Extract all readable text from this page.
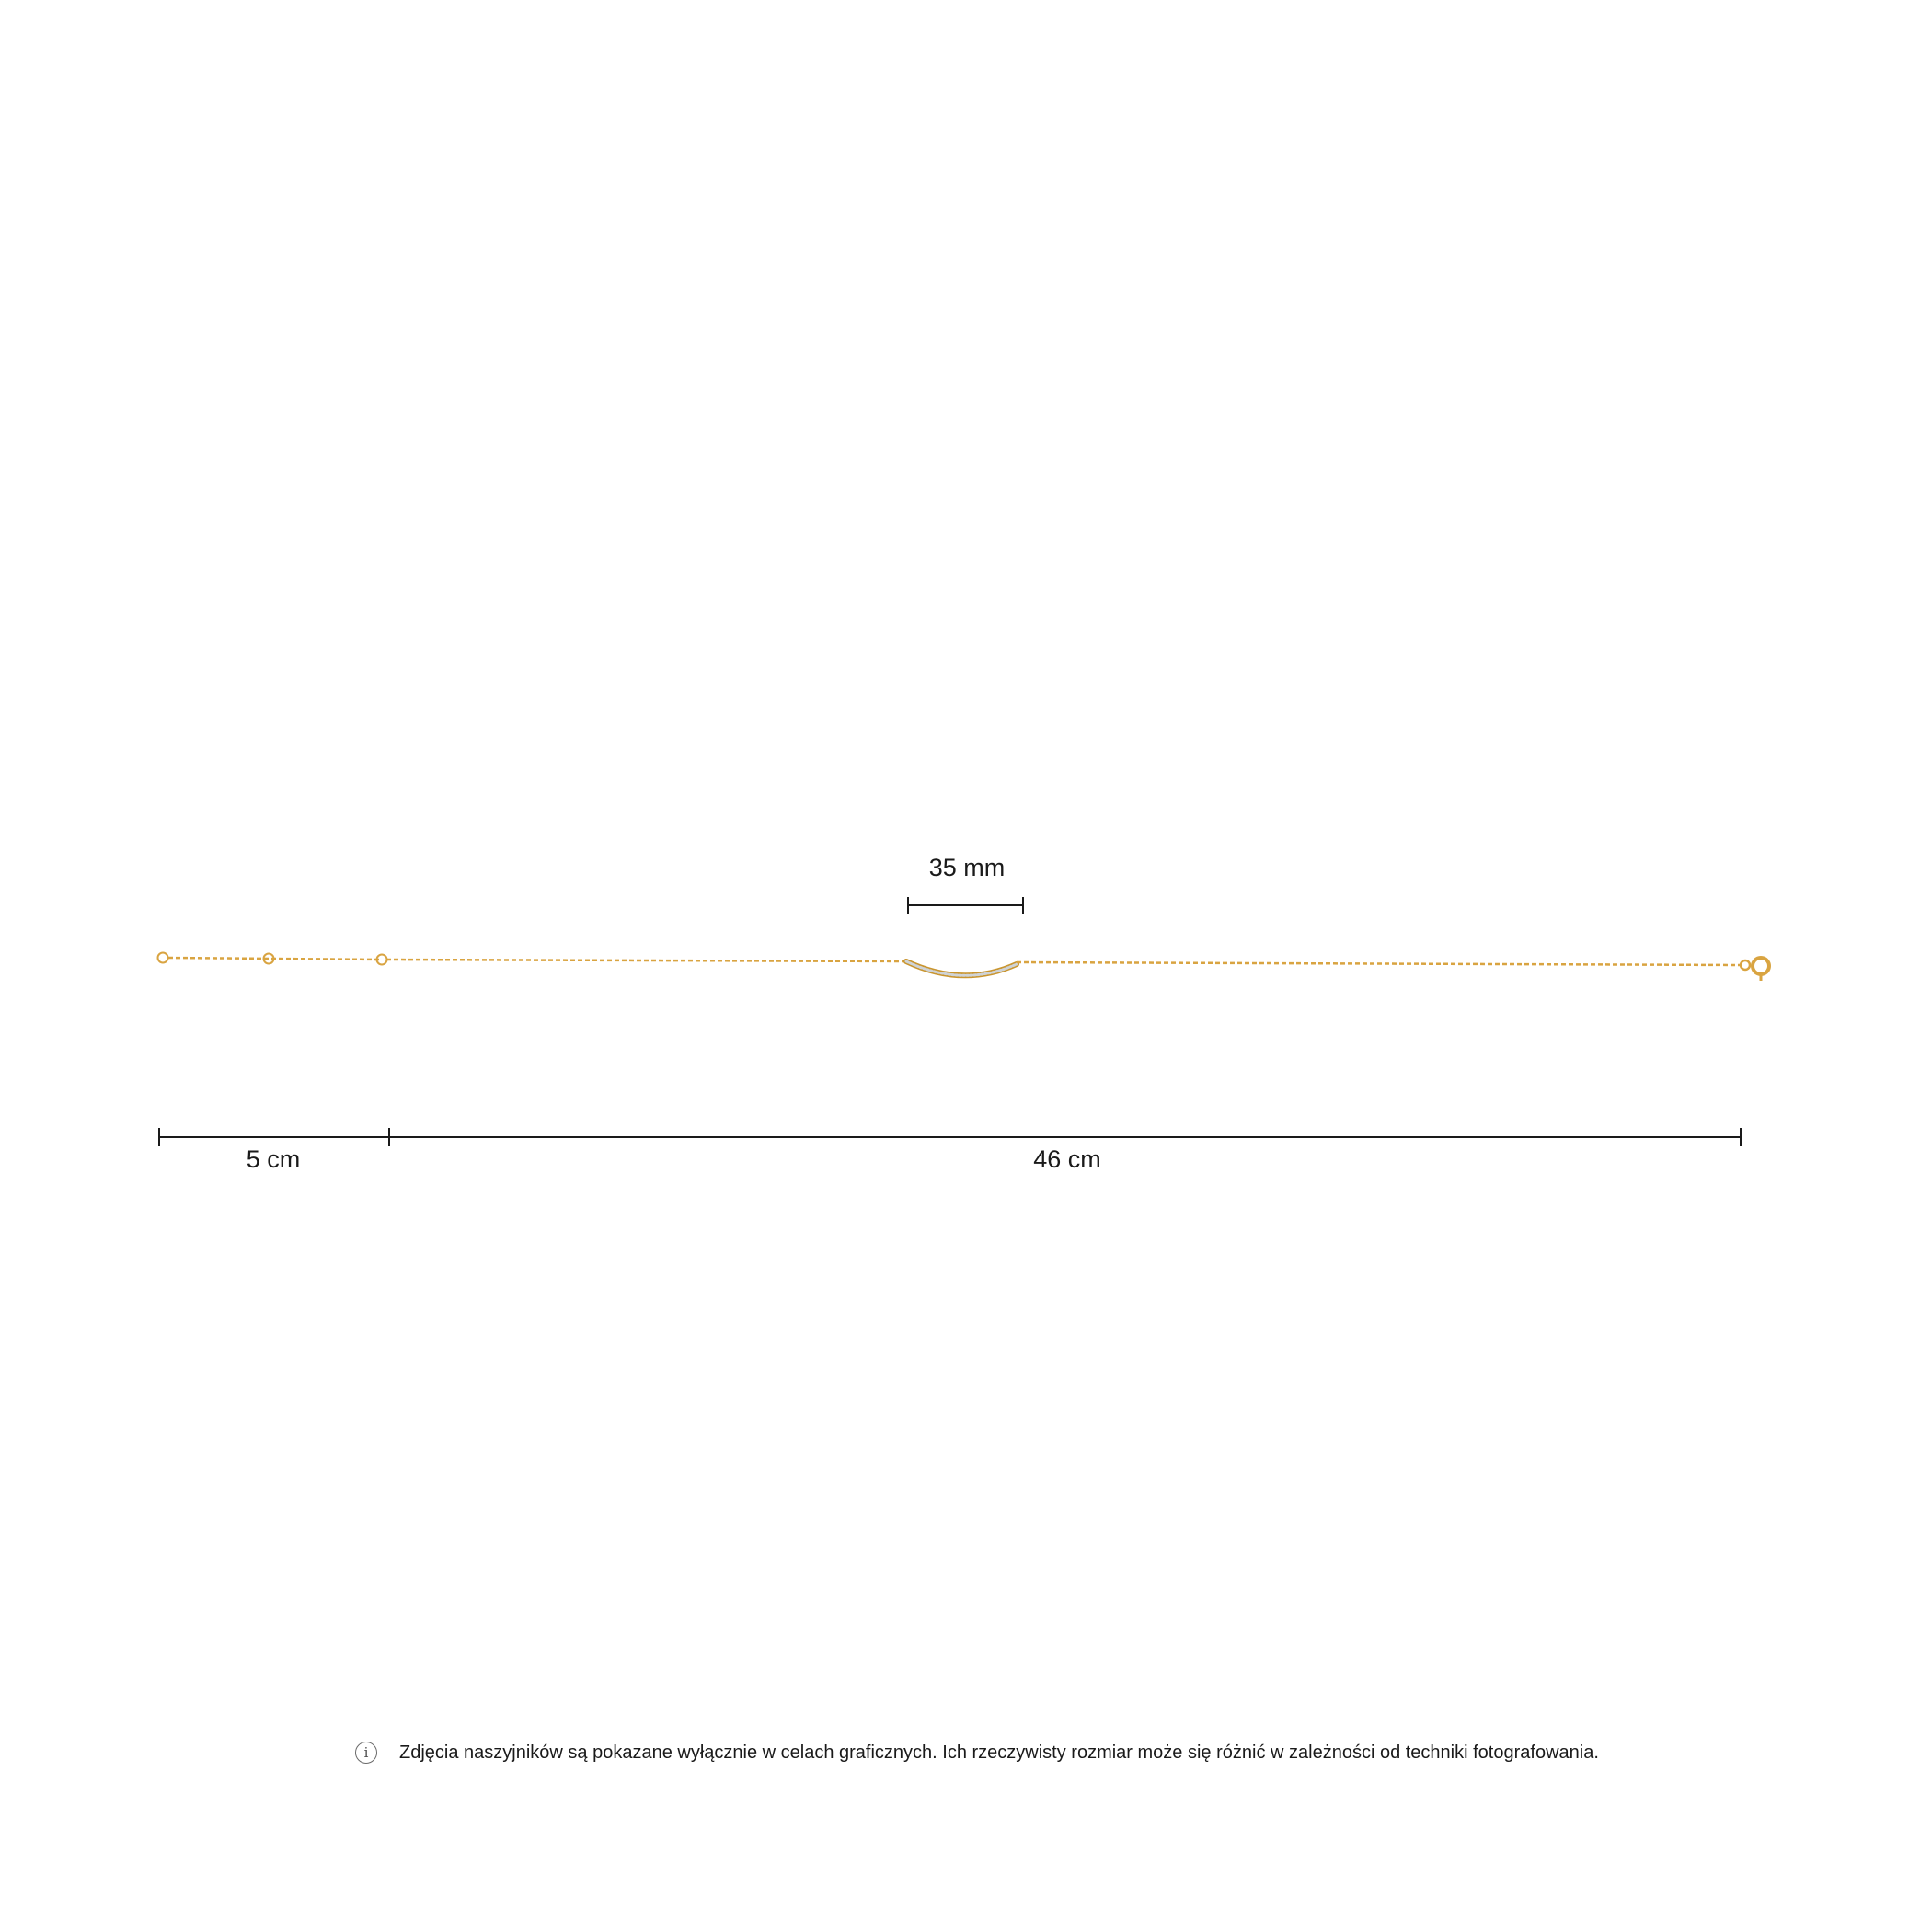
35 mm
5 cm	46 cm
i	Zdjęcia naszyjników są pokazane wyłącznie w celach graficznych. Ich rzeczywisty rozmiar może się różnić w zależności od techniki fotografowania.
